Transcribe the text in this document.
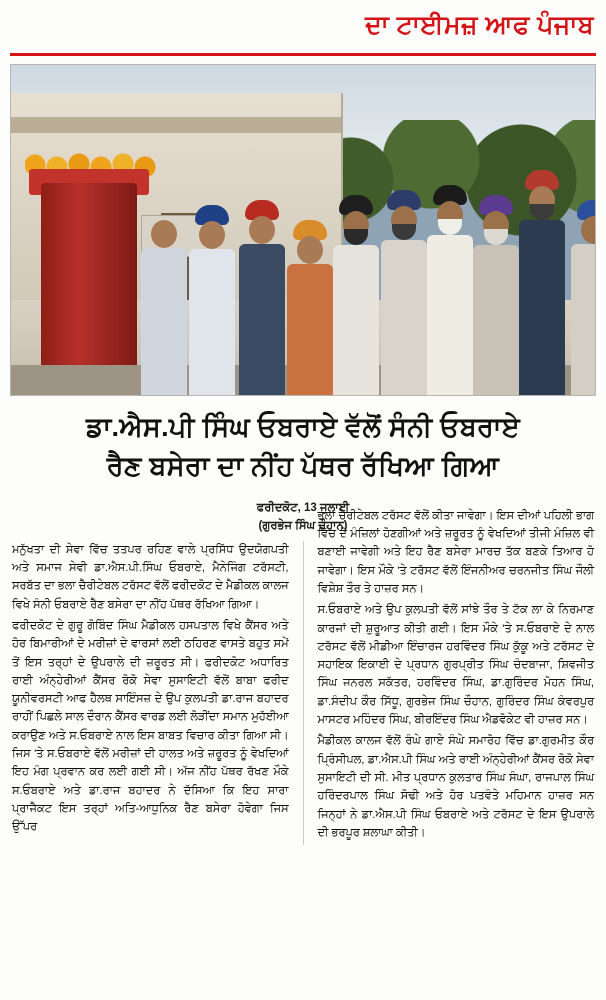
ਦਾ ਟਾਈਮਜ਼ ਆਫ ਪੰਜਾਬ
ਡਾ.ਐਸ.ਪੀ ਸਿੰਘ ਓਬਰਾਏ ਵੱਲੋਂ ਸੰਨੀ ਓਬਰਾਏ
ਰੈਣ ਬਸੇਰਾ ਦਾ ਨੀਂਹ ਪੱਥਰ ਰੱਖਿਆ ਗਿਆ
ਫਰੀਦਕੋਟ, 13 ਜੁਲਾਈ
(ਗੁਰਭੇਜ ਸਿੰਘ ਚੌਹਾਨ)

ਮਨੁੱਖਤਾ ਦੀ ਸੇਵਾ ਵਿੱਚ ਤਤਪਰ ਰਹਿਣ ਵਾਲੇ ਪ੍ਰਸਿੱਧ ਉਦਯੋਗਪਤੀ ਅਤੇ ਸਮਾਜ ਸੇਵੀ ਡਾ.ਐਸ.ਪੀ.ਸਿੰਘ ਓਬਰਾਏ, ਮੈਨੇਜਿੰਗ ਟਰੱਸਟੀ, ਸਰਬੱਤ ਦਾ ਭਲਾ ਚੈਰੀਟੇਬਲ ਟਰੱਸਟ ਵੱਲੋਂ ਫਰੀਦਕੋਟ ਦੇ ਮੈਡੀਕਲ ਕਾਲਜ ਵਿਖੇ ਸੰਨੀ ਓਬਰਾਏ ਰੈਣ ਬਸੇਰਾ ਦਾ ਨੀਂਹ ਪੱਥਰ ਰੱਖਿਆ ਗਿਆ।

ਫਰੀਦਕੋਟ ਦੇ ਗੁਰੂ ਗੋਬਿੰਦ ਸਿੰਘ ਮੈਡੀਕਲ ਹਸਪਤਾਲ ਵਿਖੇ ਕੈਂਸਰ ਅਤੇ ਹੋਰ ਬਿਮਾਰੀਆਂ ਦੇ ਮਰੀਜ਼ਾਂ ਦੇ ਵਾਰਸਾਂ ਲਈ ਠਹਿਰਣ ਵਾਸਤੇ ਬਹੁਤ ਸਮੇਂ ਤੋਂ ਇਸ ਤਰ੍ਹਾਂ ਦੇ ਉਪਰਾਲੇ ਦੀ ਜ਼ਰੂਰਤ ਸੀ। ਫਰੀਦਕੋਟ ਅਧਾਰਿਤ ਰਾਈ ਅੰਨ੍ਹੇਰੀਆਂ ਕੈਂਸਰ ਰੋਕੋ ਸੇਵਾ ਸੁਸਾਇਟੀ ਵੱਲੋਂ ਬਾਬਾ ਫਰੀਦ ਯੂਨੀਵਰਸਟੀ ਆਫ ਹੈਲਥ ਸਾਇੰਸਜ਼ ਦੇ ਉਪ ਕੁਲਪਤੀ ਡਾ.ਰਾਜ ਬਹਾਦਰ ਰਾਹੀਂ ਪਿਛਲੇ ਸਾਲ ਦੌਰਾਨ ਕੈਂਸਰ ਵਾਰਡ ਲਈ ਲੋੜੀਂਦਾ ਸਮਾਨ ਮੁਹੱਈਆ ਕਰਾਉਣ ਅਤੇ ਸ.ਓਬਰਾਏ ਨਾਲ ਇਸ ਬਾਬਤ ਵਿਚਾਰ ਕੀਤਾ ਗਿਆ ਸੀ। ਜਿਸ 'ਤੇ ਸ.ਓਬਰਾਏ ਵੱਲੋਂ ਮਰੀਜ਼ਾਂ ਦੀ ਹਾਲਤ ਅਤੇ ਜ਼ਰੂਰਤ ਨੂੰ ਵੇਖਦਿਆਂ ਇਹ ਮੰਗ ਪ੍ਰਵਾਨ ਕਰ ਲਈ ਗਈ ਸੀ। ਅੱਜ ਨੀਂਹ ਪੱਥਰ ਰੱਖਣ ਮੌਕੇ ਸ.ਓਬਰਾਏ ਅਤੇ ਡਾ.ਰਾਜ ਬਹਾਦਰ ਨੇ ਦੱਸਿਆ ਕਿ ਇਹ ਸਾਰਾ ਪ੍ਰਾਜੈਕਟ ਇਸ ਤਰ੍ਹਾਂ ਅਤਿ-ਆਧੁਨਿਕ ਰੈਣ ਬਸੇਰਾ ਹੋਵੇਗਾ ਜਿਸ ਉੱਪਰ

ਭਲਾ ਚੈਰੀਟੇਬਲ ਟਰੱਸਟ ਵੱਲੋਂ ਕੀਤਾ ਜਾਵੇਗਾ। ਇਸ ਦੀਆਂ ਪਹਿਲੀ ਭਾਗ ਵਿੱਚ ਦੋ ਮੰਜ਼ਿਲਾਂ ਹੋਣਗੀਆਂ ਅਤੇ ਜ਼ਰੂਰਤ ਨੂੰ ਵੇਖਦਿਆਂ ਤੀਜੀ ਮੰਜ਼ਿਲ ਵੀ ਬਣਾਈ ਜਾਵੇਗੀ ਅਤੇ ਇਹ ਰੈਣ ਬਸੇਰਾ ਮਾਰਚ ਤੱਕ ਬਣਕੇ ਤਿਆਰ ਹੋ ਜਾਵੇਗਾ। ਇਸ ਮੌਕੇ 'ਤੇ ਟਰੱਸਟ ਵੱਲੋਂ ਇੰਜਨੀਅਰ ਚਰਨਜੀਤ ਸਿੰਘ ਜੌਲੀ ਵਿਸ਼ੇਸ਼ ਤੌਰ ਤੇ ਹਾਜ਼ਰ ਸਨ।

ਸ.ਓਬਰਾਏ ਅਤੇ ਉਪ ਕੁਲਪਤੀ ਵੱਲੋਂ ਸਾਂਝੇ ਤੌਰ ਤੇ ਟੱਕ ਲਾ ਕੇ ਨਿਰਮਾਣ ਕਾਰਜਾਂ ਦੀ ਸ਼ੁਰੂਆਤ ਕੀਤੀ ਗਈ। ਇਸ ਮੌਕੇ 'ਤੇ ਸ.ਓਬਰਾਏ ਦੇ ਨਾਲ ਟਰੱਸਟ ਵੱਲੋਂ ਮੀਡੀਆ ਇੰਚਾਰਜ ਹਰਵਿੰਦਰ ਸਿੰਘ ਕੁੱਕੂ ਅਤੇ ਟਰੱਸਟ ਦੇ ਸਹਾਇਕ ਇਕਾਈ ਦੇ ਪ੍ਰਧਾਨ ਗੁਰਪ੍ਰੀਤ ਸਿੰਘ ਚੰਦਬਾਜਾ, ਸ਼ਿਵਜੀਤ ਸਿੰਘ ਜਨਰਲ ਸਕੱਤਰ, ਹਰਵਿੰਦਰ ਸਿੰਘ, ਡਾ.ਗੁਰਿੰਦਰ ਮੋਹਨ ਸਿੰਘ, ਡਾ.ਸੰਦੀਪ ਕੌਰ ਸਿੱਧੂ, ਗੁਰਭੇਜ ਸਿੰਘ ਚੌਹਾਨ, ਗੁਰਿੰਦਰ ਸਿੰਘ ਕੰਵਰਪੁਰ ਮਾਸਟਰ ਮਹਿੰਦਰ ਸਿੰਘ, ਬੀਰਇੰਦਰ ਸਿੰਘ ਐਡਵੋਕੇਟ ਵੀ ਹਾਜ਼ਰ ਸਨ।

ਮੈਡੀਕਲ ਕਾਲਜ ਵੱਲੋਂ ਰੰਘੇ ਗਾਏ ਸੰਘੇ ਸਮਾਰੋਹ ਵਿੱਚ ਡਾ.ਗੁਰਮੀਤ ਕੌਰ ਪ੍ਰਿੰਸੀਪਲ, ਡਾ.ਐਸ.ਪੀ ਸਿੰਘ ਅਤੇ ਰਾਈ ਅੰਨ੍ਹੇਰੀਆਂ ਕੈਂਸਰ ਰੋਕੋ ਸੇਵਾ ਸੁਸਾਇਟੀ ਦੀ ਸੀ. ਮੀਤ ਪ੍ਰਧਾਨ ਕੁਲਤਾਰ ਸਿੰਘ ਸੰਘਾ, ਰਾਜਪਾਲ ਸਿੰਘ ਹਰਿੰਦਰਪਾਲ ਸਿੰਘ ਸੋਢੀ ਅਤੇ ਹੋਰ ਪਤਵੰਤੇ ਮਹਿਮਾਨ ਹਾਜ਼ਰ ਸਨ ਜਿਨ੍ਹਾਂ ਨੇ ਡਾ.ਐਸ.ਪੀ ਸਿੰਘ ਓਬਰਾਏ ਅਤੇ ਟਰੱਸਟ ਦੇ ਇਸ ਉਪਰਾਲੇ ਦੀ ਭਰਪੂਰ ਸ਼ਲਾਘਾ ਕੀਤੀ।
